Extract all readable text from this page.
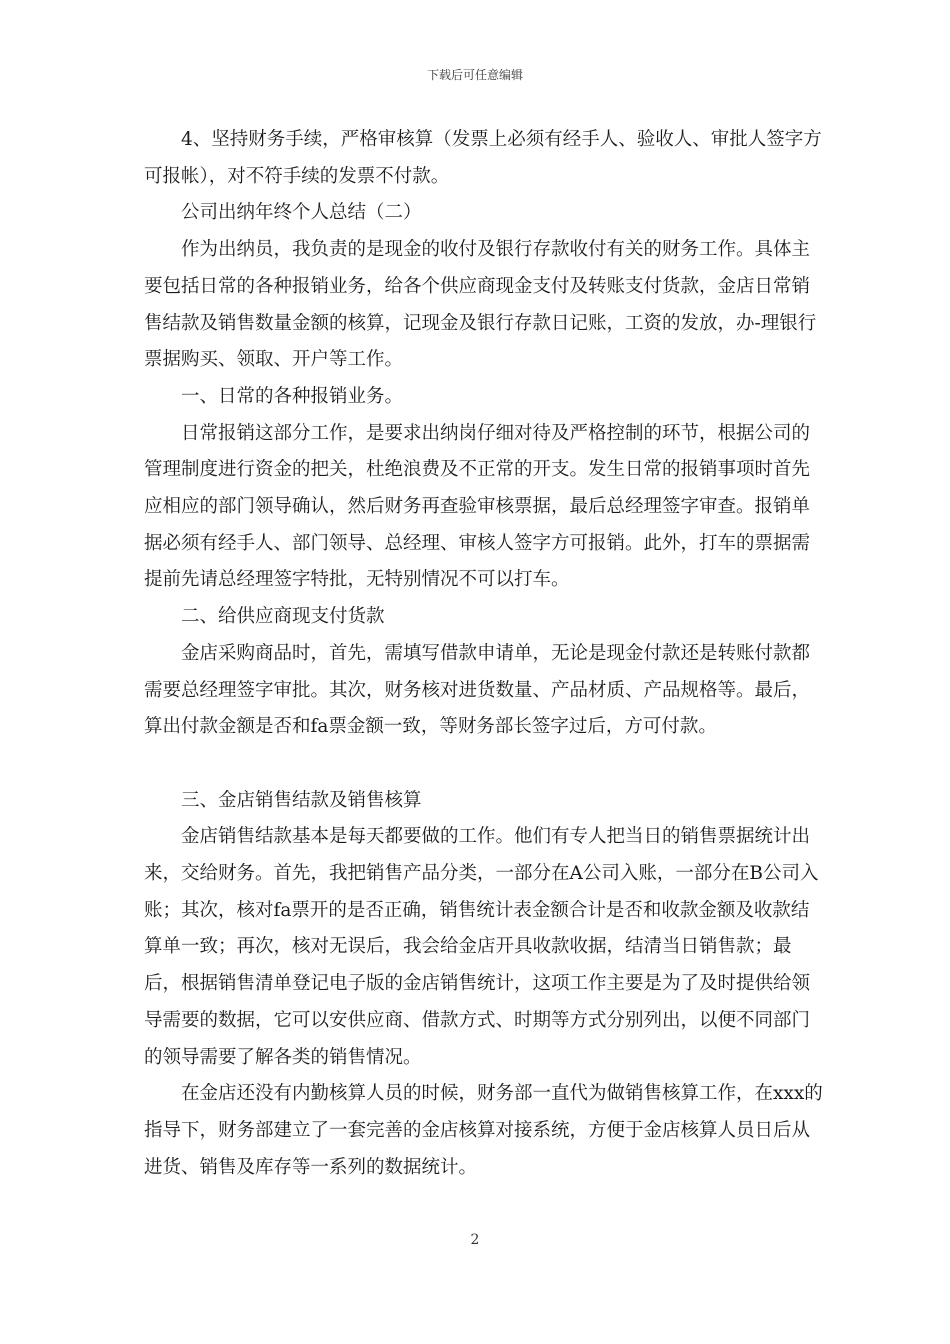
下载后可任意编辑

4、坚持财务手续，严格审核算（发票上必须有经手人、验收人、审批人签字方可报帐），对不符手续的发票不付款。

公司出纳年终个人总结（二）

作为出纳员，我负责的是现金的收付及银行存款收付有关的财务工作。具体主要包括日常的各种报销业务，给各个供应商现金支付及转账支付货款，金店日常销售结款及销售数量金额的核算，记现金及银行存款日记账，工资的发放，办-理银行票据购买、领取、开户等工作。

一、日常的各种报销业务。

日常报销这部分工作，是要求出纳岗仔细对待及严格控制的环节，根据公司的管理制度进行资金的把关，杜绝浪费及不正常的开支。发生日常的报销事项时首先应相应的部门领导确认，然后财务再查验审核票据，最后总经理签字审查。报销单据必须有经手人、部门领导、总经理、审核人签字方可报销。此外，打车的票据需提前先请总经理签字特批，无特别情况不可以打车。

二、给供应商现支付货款

金店采购商品时，首先，需填写借款申请单，无论是现金付款还是转账付款都需要总经理签字审批。其次，财务核对进货数量、产品材质、产品规格等。最后，算出付款金额是否和fa票金额一致，等财务部长签字过后，方可付款。

三、金店销售结款及销售核算

金店销售结款基本是每天都要做的工作。他们有专人把当日的销售票据统计出来，交给财务。首先，我把销售产品分类，一部分在A公司入账，一部分在B公司入账；其次，核对fa票开的是否正确，销售统计表金额合计是否和收款金额及收款结算单一致；再次，核对无误后，我会给金店开具收款收据，结清当日销售款；最后，根据销售清单登记电子版的金店销售统计，这项工作主要是为了及时提供给领导需要的数据，它可以安供应商、借款方式、时期等方式分别列出，以便不同部门的领导需要了解各类的销售情况。

在金店还没有内勤核算人员的时候，财务部一直代为做销售核算工作，在xxx的指导下，财务部建立了一套完善的金店核算对接系统，方便于金店核算人员日后从进货、销售及库存等一系列的数据统计。

2
